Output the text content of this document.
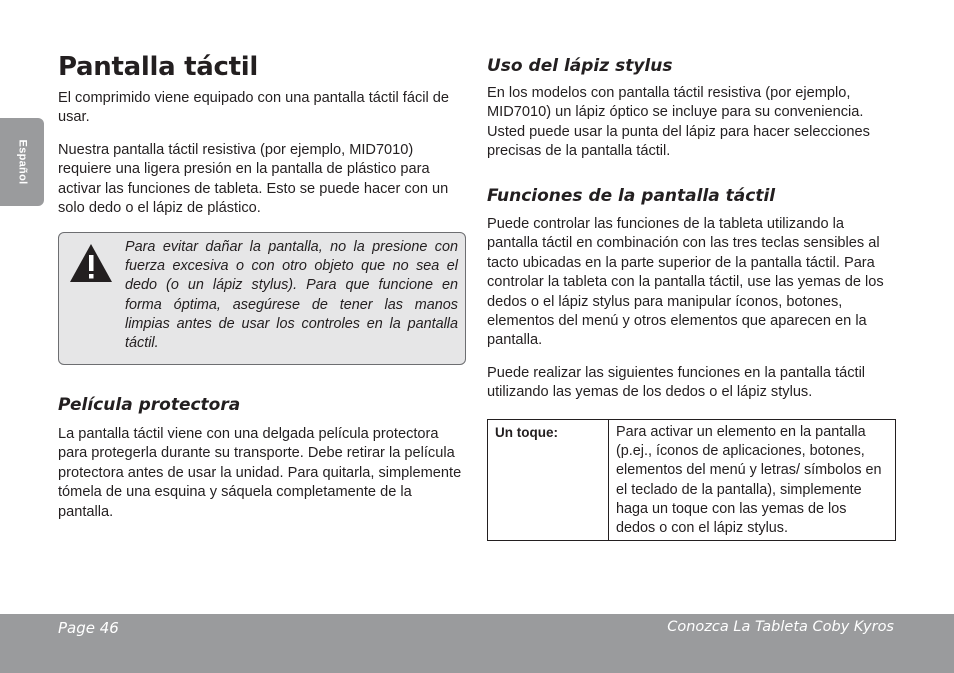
Español
Pantalla táctil

El comprimido viene equipado con una pantalla táctil fácil de usar.

Nuestra pantalla táctil resistiva (por ejemplo, MID7010) requiere una ligera presión en la pantalla de plástico para activar las funciones de tableta. Esto se puede hacer con un solo dedo o el lápiz de plástico.

Para evitar dañar la pantalla, no la presione con fuerza excesiva o con otro objeto que no sea el dedo (o un lápiz stylus). Para que funcione en forma óptima, asegúrese de tener las manos limpias antes de usar los controles en la pantalla táctil.

Película protectora

La pantalla táctil viene con una delgada película protectora para protegerla durante su transporte. Debe retirar la película protectora antes de usar la unidad. Para quitarla, simplemente tómela de una esquina y sáquela completamente de la pantalla.

Uso del lápiz stylus

En los modelos con pantalla táctil resistiva (por ejemplo, MID7010) un lápiz óptico se incluye para su conveniencia. Usted puede usar la punta del lápiz para hacer selecciones precisas de la pantalla táctil.

Funciones de la pantalla táctil

Puede controlar las funciones de la tableta utilizando la pantalla táctil en combinación con las tres teclas sensibles al tacto ubicadas en la parte superior de la pantalla táctil. Para controlar la tableta con la pantalla táctil, use las yemas de los dedos o el lápiz stylus para manipular íconos, botones, elementos del menú y otros elementos que aparecen en la pantalla.

Puede realizar las siguientes funciones en la pantalla táctil utilizando las yemas de los dedos o el lápiz stylus.

Un toque:	Para activar un elemento en la pantalla (p.ej., íconos de aplicaciones, botones, elementos del menú y letras/ símbolos en el teclado de la pantalla), simplemente haga un toque con las yemas de los dedos o con el lápiz stylus.
Page 46	Conozca La Tableta Coby Kyros
